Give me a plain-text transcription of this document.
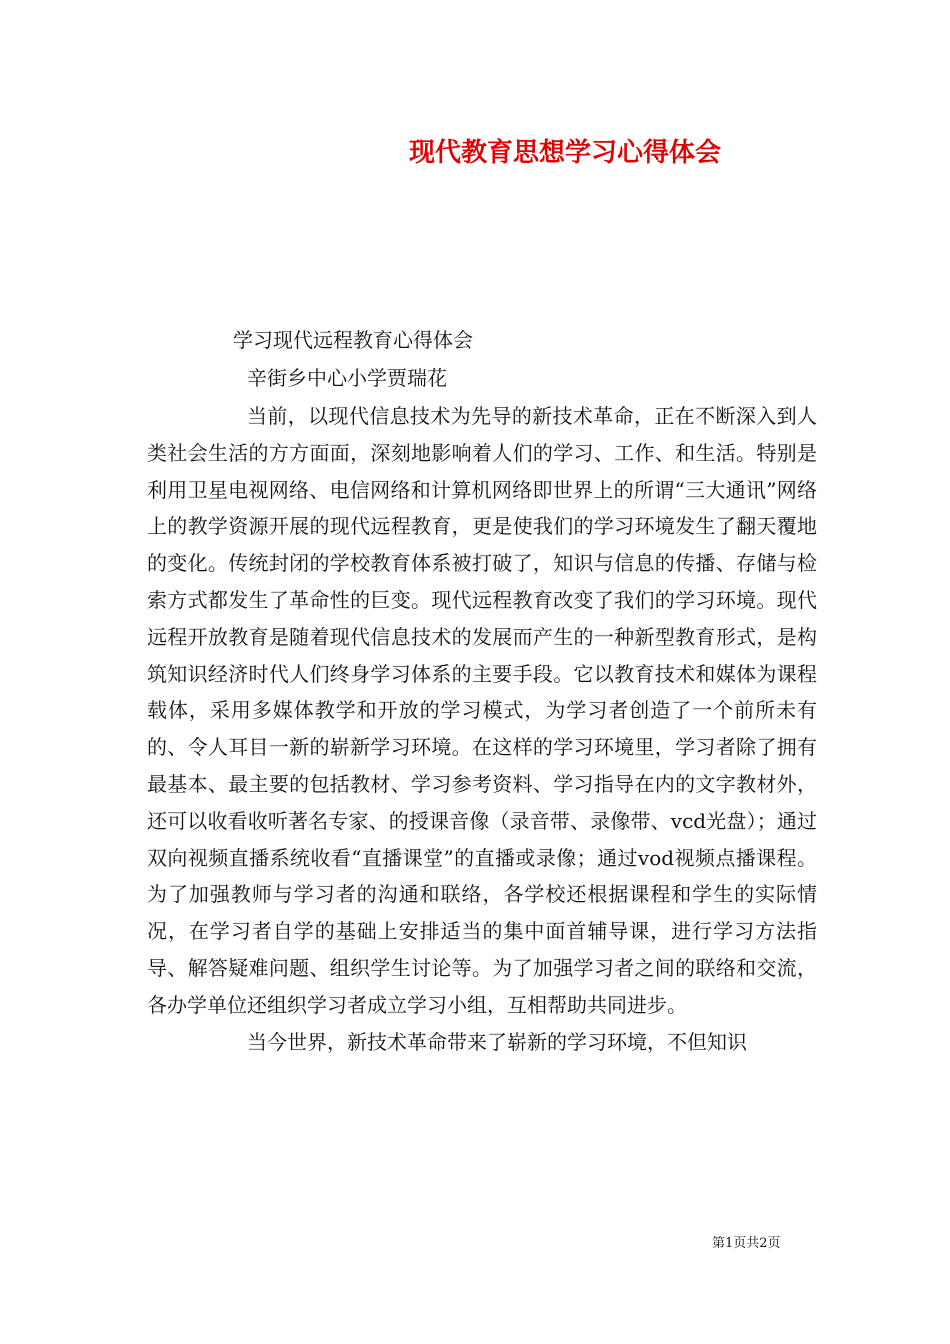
现代教育思想学习心得体会
学习现代远程教育心得体会
辛街乡中心小学贾瑞花

当前，以现代信息技术为先导的新技术革命，正在不断深入到人类社会生活的方方面面，深刻地影响着人们的学习、工作、和生活。特别是利用卫星电视网络、电信网络和计算机网络即世界上的所谓“三大通讯”网络上的教学资源开展的现代远程教育，更是使我们的学习环境发生了翻天覆地的变化。传统封闭的学校教育体系被打破了，知识与信息的传播、存储与检索方式都发生了革命性的巨变。现代远程教育改变了我们的学习环境。现代远程开放教育是随着现代信息技术的发展而产生的一种新型教育形式，是构筑知识经济时代人们终身学习体系的主要手段。它以教育技术和媒体为课程载体，采用多媒体教学和开放的学习模式，为学习者创造了一个前所未有的、令人耳目一新的崭新学习环境。在这样的学习环境里，学习者除了拥有最基本、最主要的包括教材、学习参考资料、学习指导在内的文字教材外，还可以收看收听著名专家、的授课音像（录音带、录像带、vcd光盘）；通过双向视频直播系统收看“直播课堂”的直播或录像；通过vod视频点播课程。为了加强教师与学习者的沟通和联络，各学校还根据课程和学生的实际情况，在学习者自学的基础上安排适当的集中面首辅导课，进行学习方法指导、解答疑难问题、组织学生讨论等。为了加强学习者之间的联络和交流，各办学单位还组织学习者成立学习小组，互相帮助共同进步。

当今世界，新技术革命带来了崭新的学习环境，不但知识

第1页共2页
